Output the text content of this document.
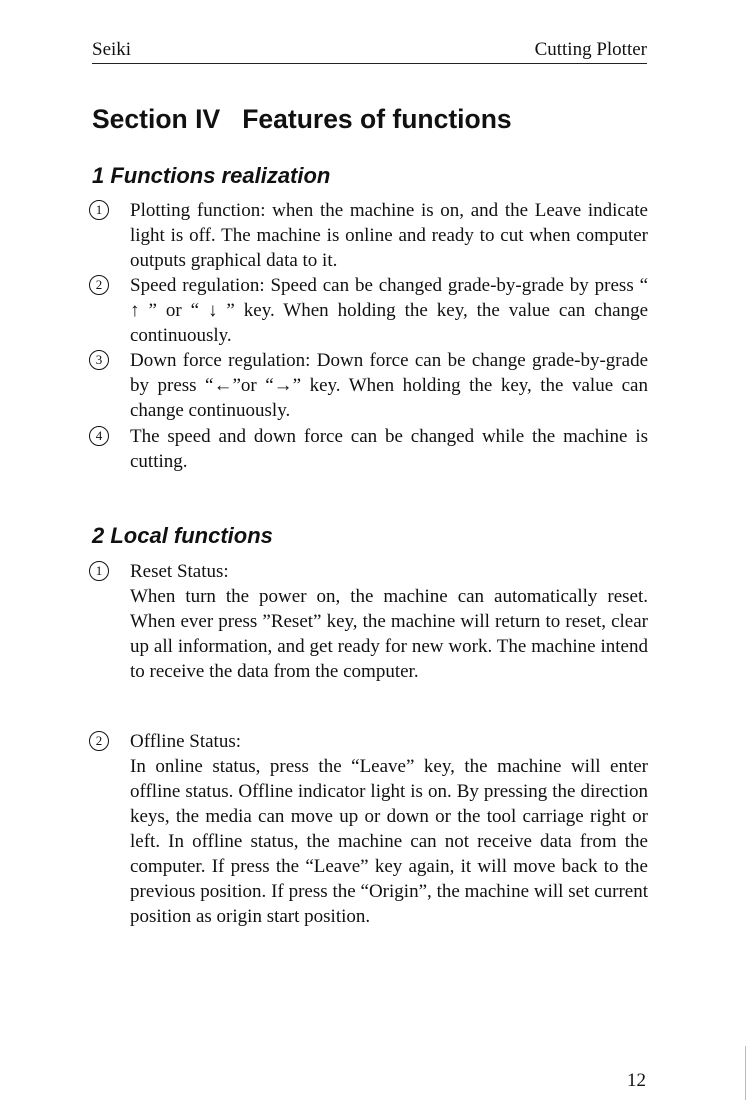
Seiki	Cutting Plotter
Section IV   Features of functions
1 Functions realization
1	Plotting function: when the machine is on, and the Leave indicate light is off. The machine is online and ready to cut when computer outputs graphical data to it.
2	Speed regulation: Speed can be changed grade-by-grade by press “ ↑ ” or “ ↓ ” key. When holding the key, the value can change continuously.
3	Down force regulation: Down force can be change grade-by-grade by press “←”or “→” key. When holding the key, the value can change continuously.
4	The speed and down force can be changed while the machine is cutting.
2 Local functions
1	Reset Status:
When turn the power on, the machine can automatically reset. When ever press ”Reset” key, the machine will return to reset, clear up all information, and get ready for new work. The machine intend to receive the data from the computer.
2	Offline Status:
In online status, press the “Leave” key, the machine will enter offline status. Offline indicator light is on. By pressing the direction keys, the media can move up or down or the tool carriage right or left. In offline status, the machine can not receive data from the computer. If press the “Leave” key again, it will move back to the previous position. If press the “Origin”, the machine will set current position as origin start position.
12
